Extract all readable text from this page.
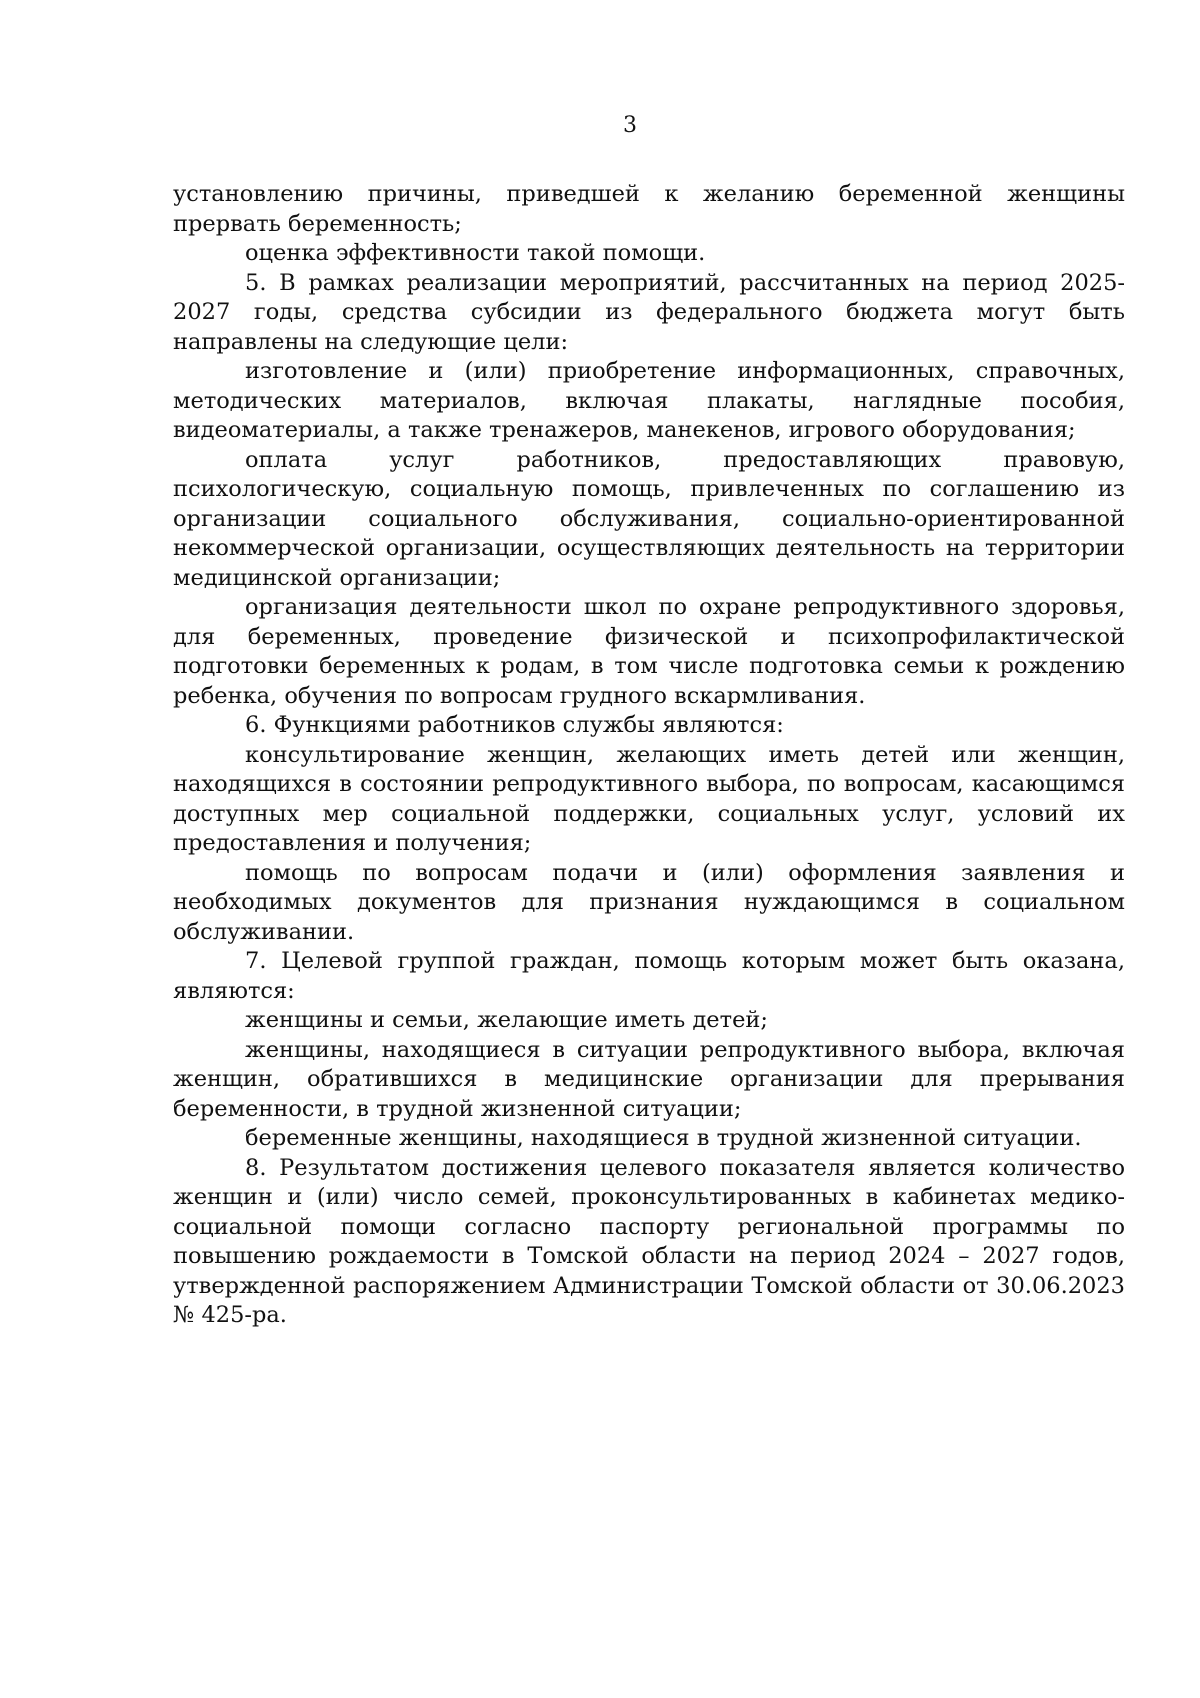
3

установлению причины, приведшей к желанию беременной женщины прервать беременность;

оценка эффективности такой помощи.

5. В рамках реализации мероприятий, рассчитанных на период 2025-2027 годы, средства субсидии из федерального бюджета могут быть направлены на следующие цели:

изготовление и (или) приобретение информационных, справочных, методических материалов, включая плакаты, наглядные пособия, видеоматериалы, а также тренажеров, манекенов, игрового оборудования;

оплата услуг работников, предоставляющих правовую, психологическую, социальную помощь, привлеченных по соглашению из организации социального обслуживания, социально-ориентированной некоммерческой организации, осуществляющих деятельность на территории медицинской организации;

организация деятельности школ по охране репродуктивного здоровья, для беременных, проведение физической и психопрофилактической подготовки беременных к родам, в том числе подготовка семьи к рождению ребенка, обучения по вопросам грудного вскармливания.

6. Функциями работников службы являются:

консультирование женщин, желающих иметь детей или женщин, находящихся в состоянии репродуктивного выбора, по вопросам, касающимся доступных мер социальной поддержки, социальных услуг, условий их предоставления и получения;

помощь по вопросам подачи и (или) оформления заявления и необходимых документов для признания нуждающимся в социальном обслуживании.

7. Целевой группой граждан, помощь которым может быть оказана, являются:

женщины и семьи, желающие иметь детей;

женщины, находящиеся в ситуации репродуктивного выбора, включая женщин, обратившихся в медицинские организации для прерывания беременности, в трудной жизненной ситуации;

беременные женщины, находящиеся в трудной жизненной ситуации.

8. Результатом достижения целевого показателя является количество женщин и (или) число семей, проконсультированных в кабинетах медико-социальной помощи согласно паспорту региональной программы по повышению рождаемости в Томской области на период 2024 – 2027 годов, утвержденной распоряжением Администрации Томской области от 30.06.2023 № 425-ра.
